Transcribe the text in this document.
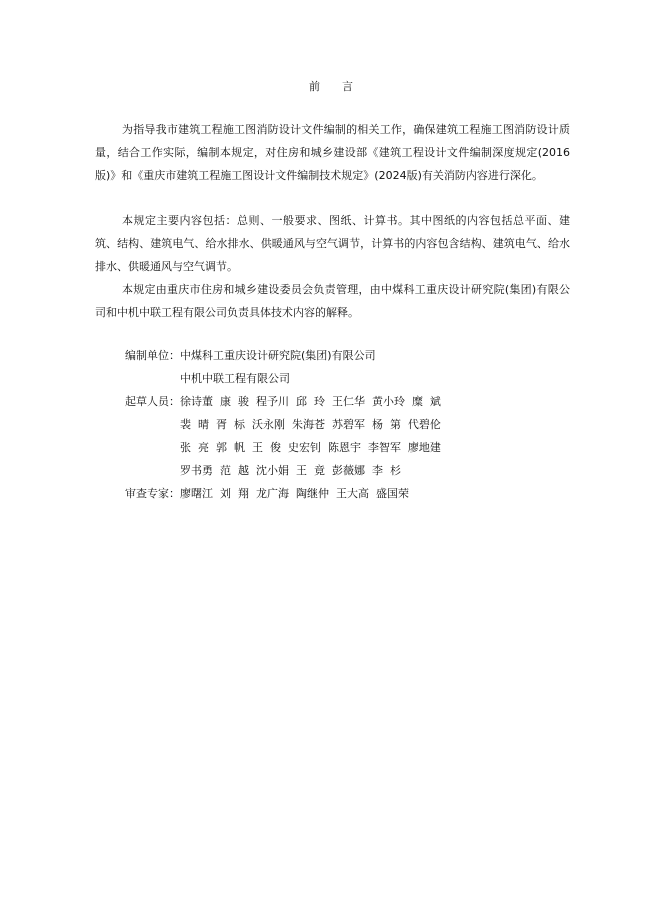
前　　言

为指导我市建筑工程施工图消防设计文件编制的相关工作，确保建筑工程施工图消防设计质量，结合工作实际，编制本规定，对住房和城乡建设部《建筑工程设计文件编制深度规定(2016版)》和《重庆市建筑工程施工图设计文件编制技术规定》(2024版)有关消防内容进行深化。

本规定主要内容包括：总则、一般要求、图纸、计算书。其中图纸的内容包括总平面、建筑、结构、建筑电气、给水排水、供暖通风与空气调节，计算书的内容包含结构、建筑电气、给水排水、供暖通风与空气调节。

本规定由重庆市住房和城乡建设委员会负责管理，由中煤科工重庆设计研究院(集团)有限公司和中机中联工程有限公司负责具体技术内容的解释。

编制单位： 中煤科工重庆设计研究院(集团)有限公司
中机中联工程有限公司
起草人员： 徐诗董  康  骏  程予川  邱  玲  王仁华  黄小玲  糜  斌
裴  晴  胥  标  沃永刚  朱海苍  苏碧军  杨  第  代碧伦
张  亮  郭  帆  王  俊  史宏钊  陈恩宇  李智军  廖地建
罗书勇  范  越  沈小娟  王  竟  彭薇娜  李  杉
审查专家： 廖曙江  刘  翔  龙广海  陶继仲  王大高  盛国荣
